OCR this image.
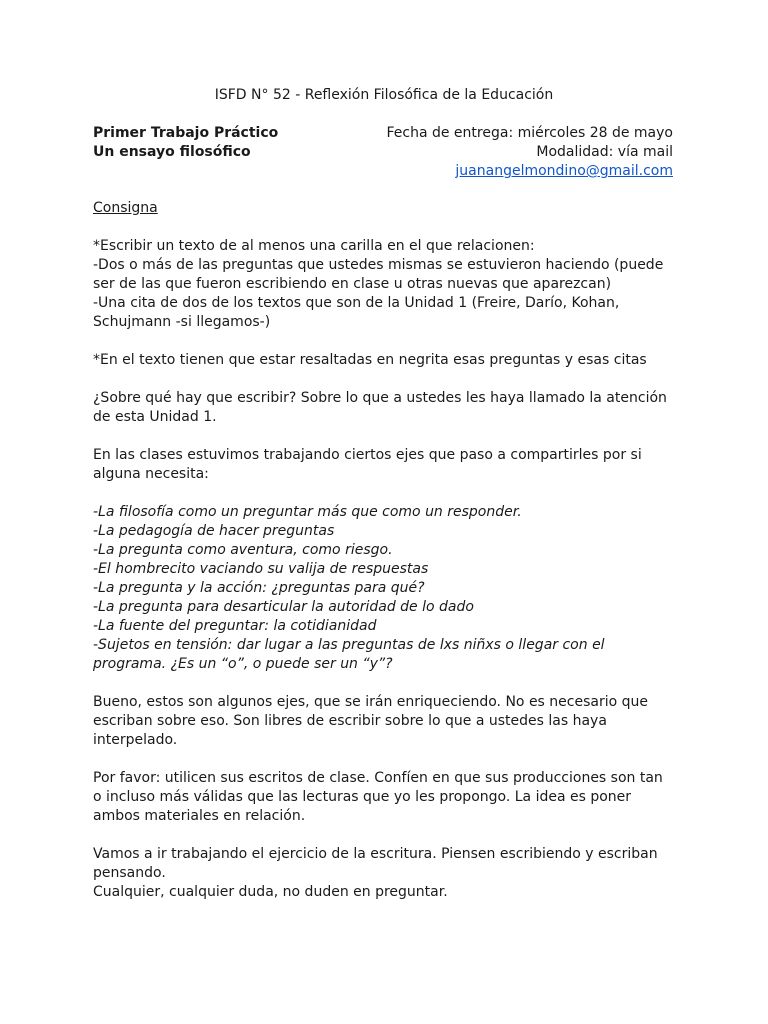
ISFD N° 52 - Reflexión Filosófica de la Educación
Primer Trabajo Práctico	Fecha de entrega: miércoles 28 de mayo
Un ensayo filosófico	Modalidad: vía mail
juanangelmondino@gmail.com

Consigna

*Escribir un texto de al menos una carilla en el que relacionen:
-Dos o más de las preguntas que ustedes mismas se estuvieron haciendo (puede ser de las que fueron escribiendo en clase u otras nuevas que aparezcan)
-Una cita de dos de los textos que son de la Unidad 1 (Freire, Darío, Kohan, Schujmann -si llegamos-)

*En el texto tienen que estar resaltadas en negrita esas preguntas y esas citas

¿Sobre qué hay que escribir? Sobre lo que a ustedes les haya llamado la atención de esta Unidad 1.

En las clases estuvimos trabajando ciertos ejes que paso a compartirles por si alguna necesita:

-La filosofía como un preguntar más que como un responder.
-La pedagogía de hacer preguntas
-La pregunta como aventura, como riesgo.
-El hombrecito vaciando su valija de respuestas
-La pregunta y la acción: ¿preguntas para qué?
-La pregunta para desarticular la autoridad de lo dado
-La fuente del preguntar: la cotidianidad
-Sujetos en tensión: dar lugar a las preguntas de lxs niñxs o llegar con el programa. ¿Es un “o”, o puede ser un “y”?

Bueno, estos son algunos ejes, que se irán enriqueciendo. No es necesario que escriban sobre eso. Son libres de escribir sobre lo que a ustedes las haya interpelado.

Por favor: utilicen sus escritos de clase. Confíen en que sus producciones son tan o incluso más válidas que las lecturas que yo les propongo. La idea es poner ambos materiales en relación.

Vamos a ir trabajando el ejercicio de la escritura. Piensen escribiendo y escriban pensando.
Cualquier, cualquier duda, no duden en preguntar.
